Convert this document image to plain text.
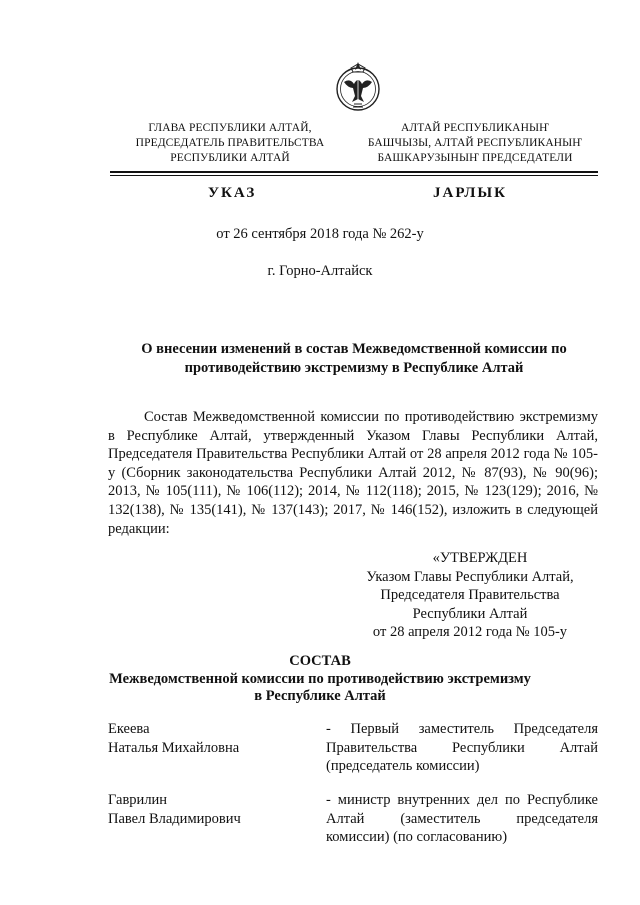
ГЛАВА РЕСПУБЛИКИ АЛТАЙ,
ПРЕДСЕДАТЕЛЬ ПРАВИТЕЛЬСТВА
РЕСПУБЛИКИ АЛТАЙ
АЛТАЙ РЕСПУБЛИКАНЫҤ
БАШЧЫЗЫ, АЛТАЙ РЕСПУБЛИКАНЫҤ
БАШКАРУЗЫНЫҤ ПРЕДСЕДАТЕЛИ
УКАЗ	JАРЛЫК
от 26 сентября 2018 года № 262-у
г. Горно-Алтайск
О внесении изменений в состав Межведомственной комиссии по противодействию экстремизму в Республике Алтай
Состав Межведомственной комиссии по противодействию экстремизму в Республике Алтай, утвержденный Указом Главы Республики Алтай, Председателя Правительства Республики Алтай от 28 апреля 2012 года № 105-у (Сборник законодательства Республики Алтай 2012, № 87(93), № 90(96); 2013, № 105(111), № 106(112); 2014, № 112(118); 2015, № 123(129); 2016, № 132(138), № 135(141), № 137(143); 2017, № 146(152), изложить в следующей редакции:
«УТВЕРЖДЕН
Указом Главы Республики Алтай,
Председателя Правительства
Республики Алтай
от 28 апреля 2012 года № 105-у
СОСТАВ
Межведомственной комиссии по противодействию экстремизму
в Республике Алтай
Екеева
Наталья Михайловна
- Первый заместитель Председателя Правительства Республики Алтай (председатель комиссии)
Гаврилин
Павел Владимирович
- министр внутренних дел по Республике Алтай (заместитель председателя комиссии) (по согласованию)
